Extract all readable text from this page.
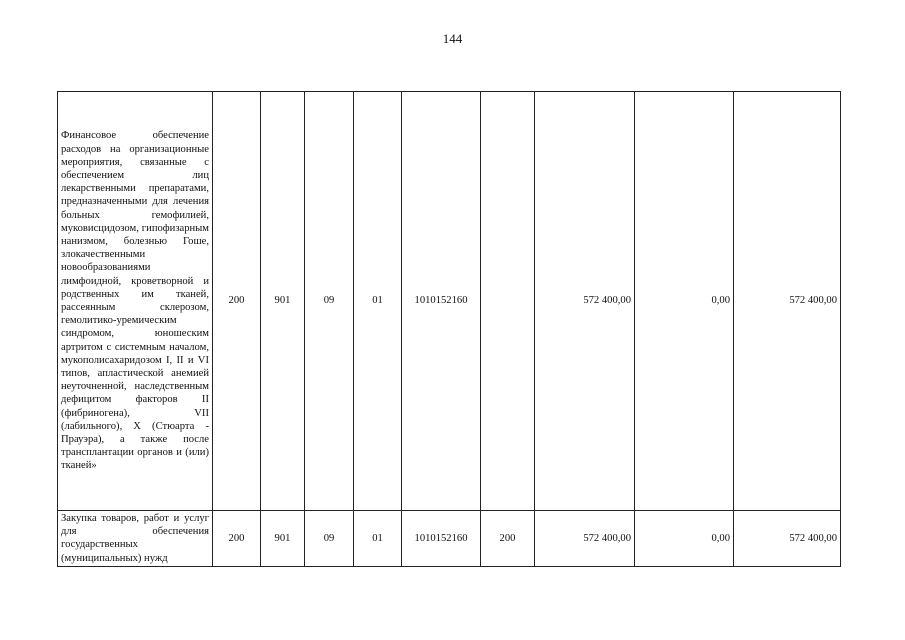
144
Финансовое обеспечение расходов на организационные мероприятия, связанные с обеспечением лиц лекарственными препаратами, предназначенными для лечения больных гемофилией, муковисцидозом, гипофизарным нанизмом, болезнью Гоше, злокачественными новообразованиями лимфоидной, кроветворной и родственных им тканей, рассеянным склерозом, гемолитико-уремическим синдромом, юношеским артритом с системным началом, мукополисахаридозом I, II и VI типов, апластической анемией неуточненной, наследственным дефицитом факторов II (фибриногена), VII (лабильного), X (Стюарта - Прауэра), а также после трансплантации органов и (или) тканей»	200	901	09	01	1010152160		572 400,00	0,00	572 400,00
Закупка товаров, работ и услуг для обеспечения государственных (муниципальных) нужд	200	901	09	01	1010152160	200	572 400,00	0,00	572 400,00
